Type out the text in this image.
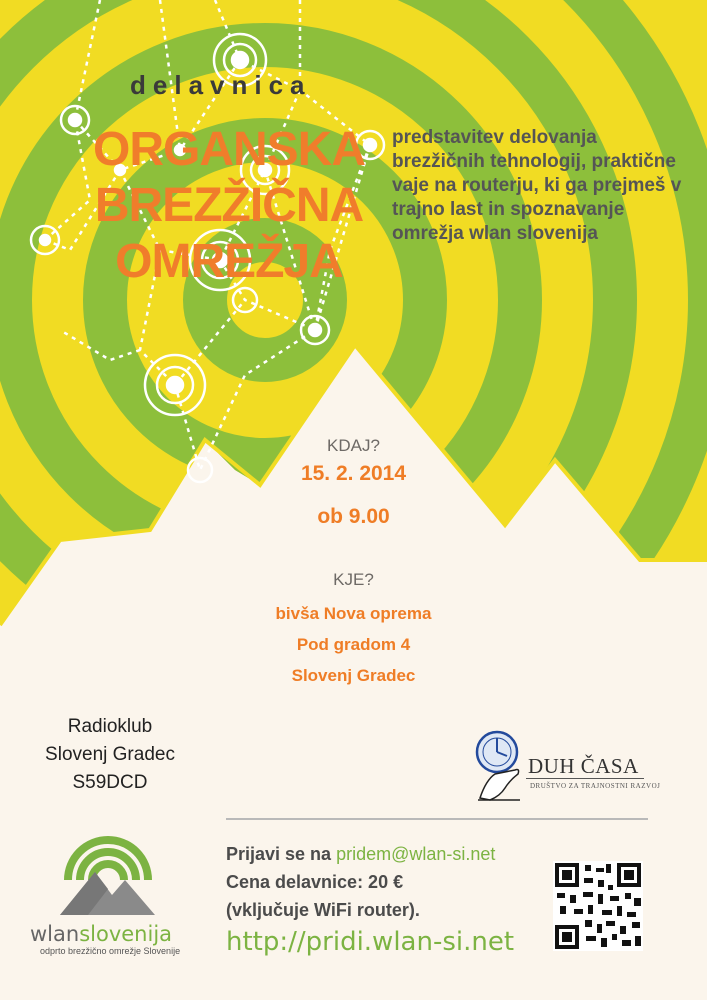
delavnica
ORGANSKA
BREZŽIČNA
OMREŽJA
predstavitev delovanja brezžičnih tehnologij, praktične vaje na routerju, ki ga prejmeš v trajno last in spoznavanje omrežja wlan slovenija
KDAJ?
15. 2. 2014
ob 9.00
KJE?
bivša Nova oprema
Pod gradom 4
Slovenj Gradec
Radioklub
Slovenj Gradec
S59DCD
DUH ČASA
DRUŠTVO ZA TRAJNOSTNI RAZVOJ
Prijavi se na pridem@wlan-si.net
Cena delavnice: 20 €
(vključuje WiFi router).
http://pridi.wlan-si.net
wlanslovenija
odprto brezžično omrežje Slovenije
